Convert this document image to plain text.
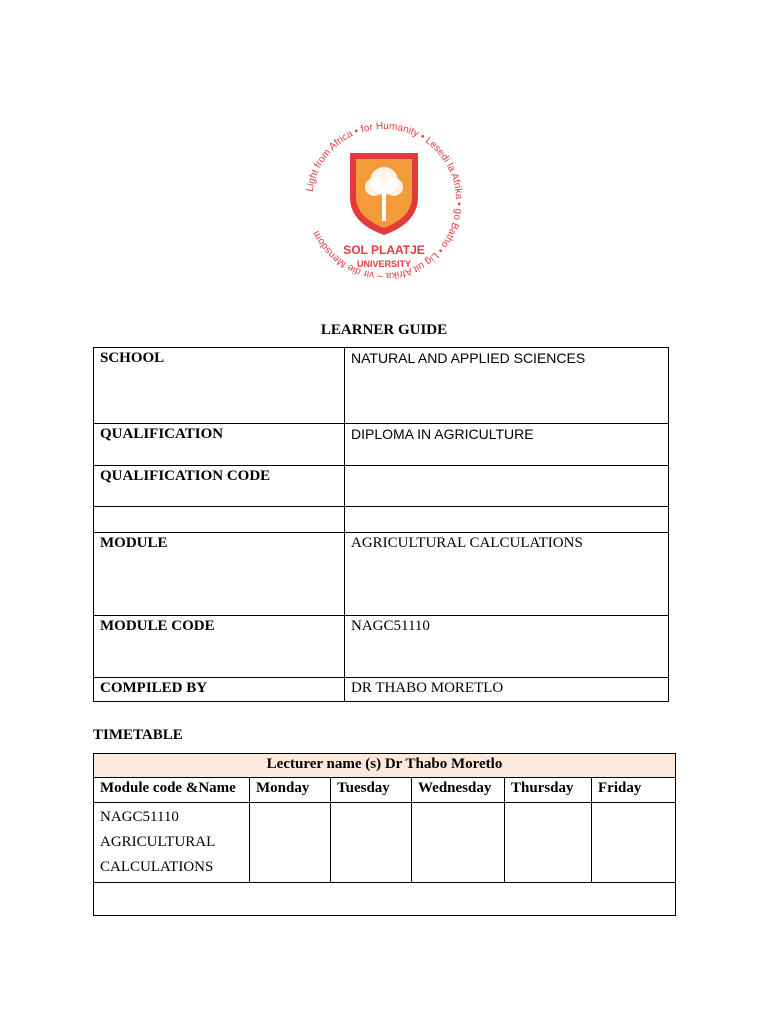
Light from Africa • for Humanity • Lesedi la Afrika • go Batho • Lig uit Afrika ~ vir die Mensdom
SOL PLAATJE
UNIVERSITY
LEARNER GUIDE
SCHOOL	NATURAL AND APPLIED SCIENCES
QUALIFICATION	DIPLOMA IN AGRICULTURE
QUALIFICATION CODE	

MODULE	AGRICULTURAL CALCULATIONS
MODULE CODE	NAGC51110
COMPILED BY	DR THABO MORETLO
TIMETABLE
Lecturer name (s) Dr Thabo Moretlo					
Module code &Name	Monday	Tuesday	Wednesday	Thursday	Friday

NAGC51110
AGRICULTURAL
CALCULATIONS					
